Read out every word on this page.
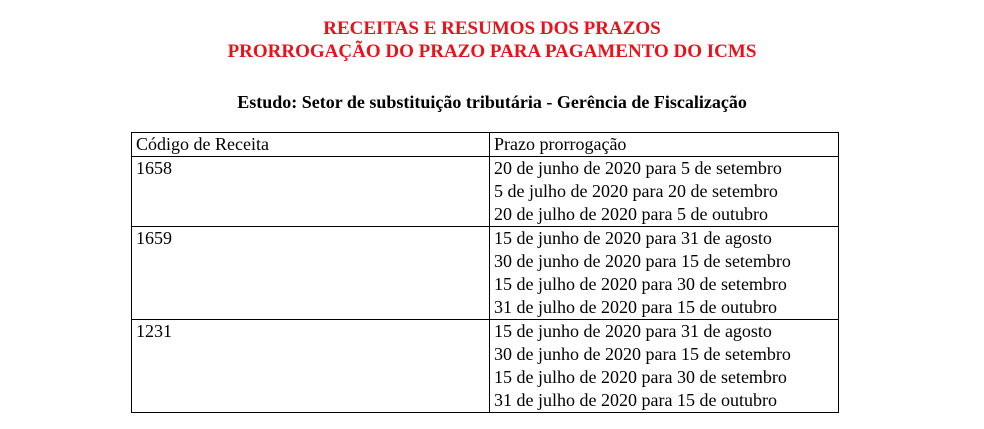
RECEITAS E RESUMOS DOS PRAZOS
PRORROGAÇÃO DO PRAZO PARA PAGAMENTO DO ICMS
Estudo: Setor de substituição tributária - Gerência de Fiscalização
Código de Receita	Prazo prorrogação
1658	20 de junho de 2020 para 5 de setembro
5 de julho de 2020 para 20 de setembro
20 de julho de 2020 para 5 de outubro

1659	15 de junho de 2020 para 31 de agosto
30 de junho de 2020 para 15 de setembro
15 de julho de 2020 para 30 de setembro
31 de julho de 2020 para 15 de outubro

1231	15 de junho de 2020 para 31 de agosto
30 de junho de 2020 para 15 de setembro
15 de julho de 2020 para 30 de setembro
31 de julho de 2020 para 15 de outubro
